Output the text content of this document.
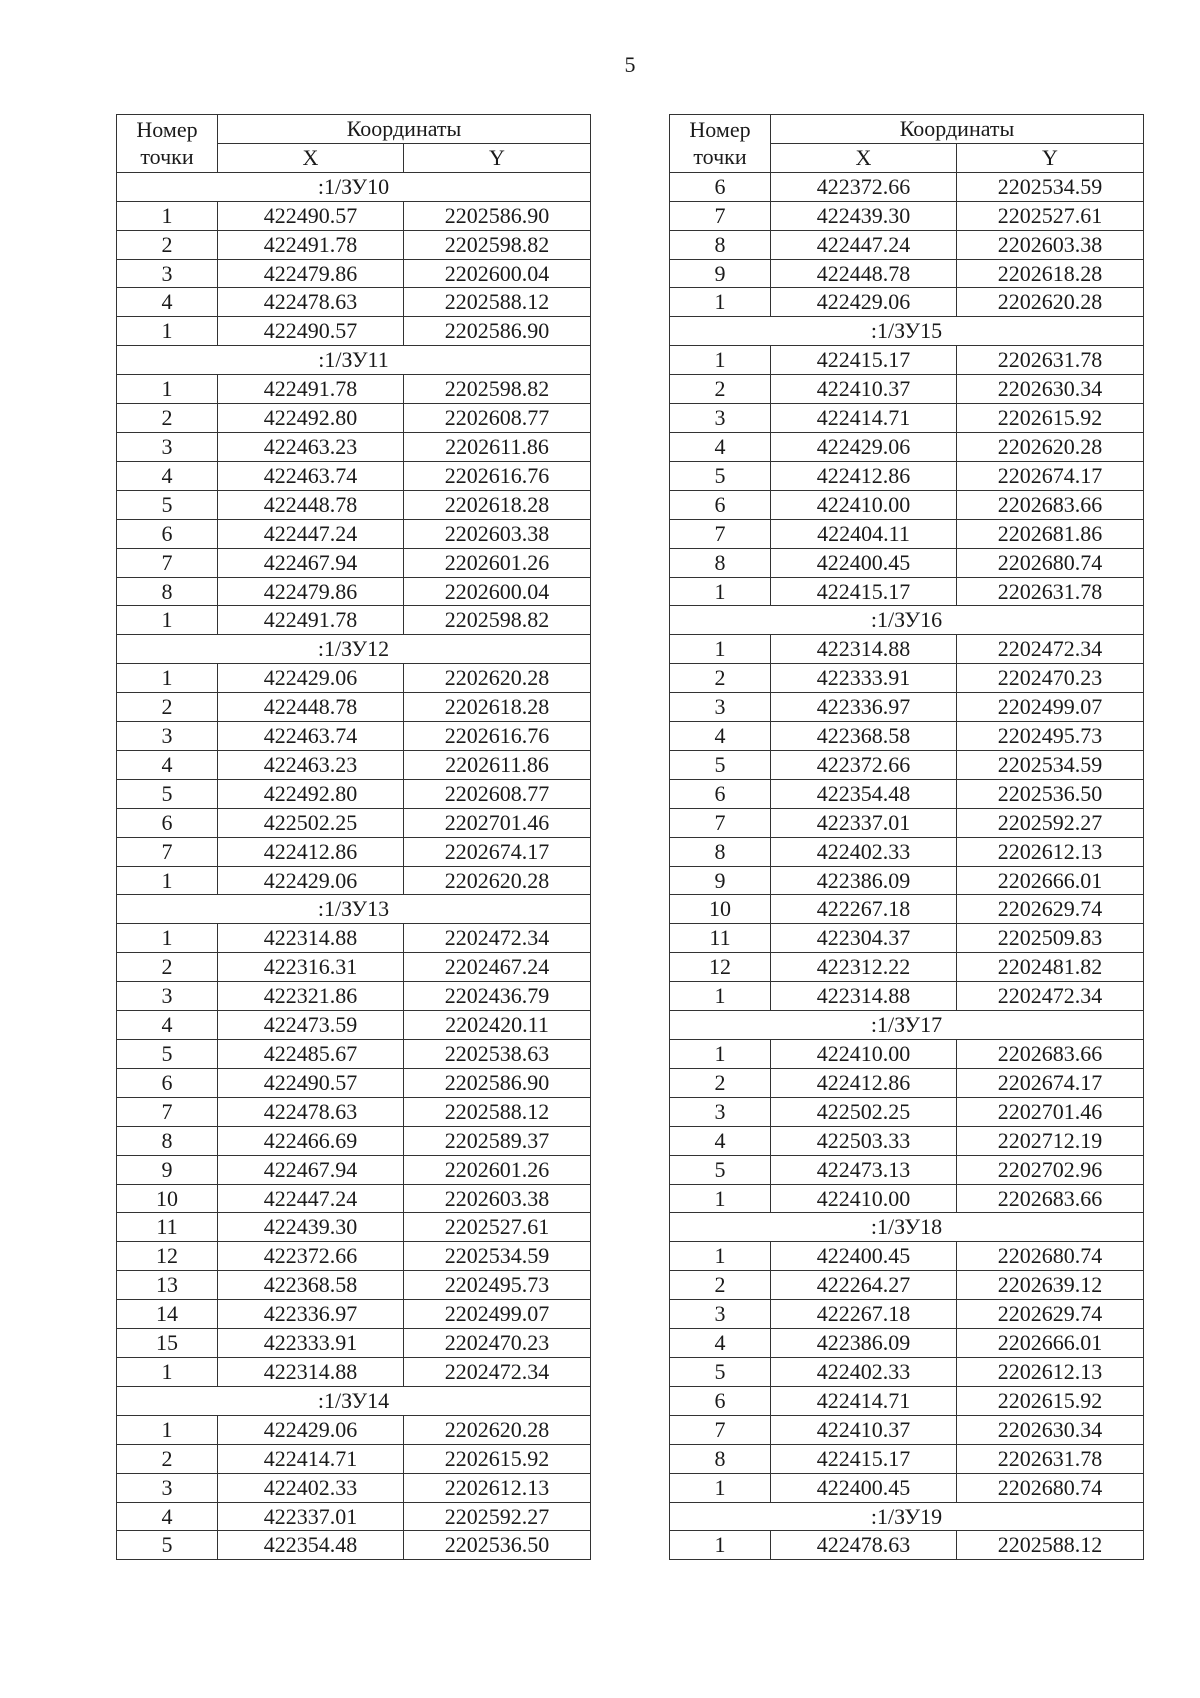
5
Номер
точки	Координаты	
	X	Y
:1/ЗУ10		
1	422490.57	2202586.90
2	422491.78	2202598.82
3	422479.86	2202600.04
4	422478.63	2202588.12
1	422490.57	2202586.90
:1/ЗУ11		
1	422491.78	2202598.82
2	422492.80	2202608.77
3	422463.23	2202611.86
4	422463.74	2202616.76
5	422448.78	2202618.28
6	422447.24	2202603.38
7	422467.94	2202601.26
8	422479.86	2202600.04
1	422491.78	2202598.82
:1/ЗУ12		
1	422429.06	2202620.28
2	422448.78	2202618.28
3	422463.74	2202616.76
4	422463.23	2202611.86
5	422492.80	2202608.77
6	422502.25	2202701.46
7	422412.86	2202674.17
1	422429.06	2202620.28
:1/ЗУ13		
1	422314.88	2202472.34
2	422316.31	2202467.24
3	422321.86	2202436.79
4	422473.59	2202420.11
5	422485.67	2202538.63
6	422490.57	2202586.90
7	422478.63	2202588.12
8	422466.69	2202589.37
9	422467.94	2202601.26
10	422447.24	2202603.38
11	422439.30	2202527.61
12	422372.66	2202534.59
13	422368.58	2202495.73
14	422336.97	2202499.07
15	422333.91	2202470.23
1	422314.88	2202472.34
:1/ЗУ14		
1	422429.06	2202620.28
2	422414.71	2202615.92
3	422402.33	2202612.13
4	422337.01	2202592.27
5	422354.48	2202536.50
Номер
точки	Координаты	
	X	Y
6	422372.66	2202534.59
7	422439.30	2202527.61
8	422447.24	2202603.38
9	422448.78	2202618.28
1	422429.06	2202620.28
:1/ЗУ15		
1	422415.17	2202631.78
2	422410.37	2202630.34
3	422414.71	2202615.92
4	422429.06	2202620.28
5	422412.86	2202674.17
6	422410.00	2202683.66
7	422404.11	2202681.86
8	422400.45	2202680.74
1	422415.17	2202631.78
:1/ЗУ16		
1	422314.88	2202472.34
2	422333.91	2202470.23
3	422336.97	2202499.07
4	422368.58	2202495.73
5	422372.66	2202534.59
6	422354.48	2202536.50
7	422337.01	2202592.27
8	422402.33	2202612.13
9	422386.09	2202666.01
10	422267.18	2202629.74
11	422304.37	2202509.83
12	422312.22	2202481.82
1	422314.88	2202472.34
:1/ЗУ17		
1	422410.00	2202683.66
2	422412.86	2202674.17
3	422502.25	2202701.46
4	422503.33	2202712.19
5	422473.13	2202702.96
1	422410.00	2202683.66
:1/ЗУ18		
1	422400.45	2202680.74
2	422264.27	2202639.12
3	422267.18	2202629.74
4	422386.09	2202666.01
5	422402.33	2202612.13
6	422414.71	2202615.92
7	422410.37	2202630.34
8	422415.17	2202631.78
1	422400.45	2202680.74
:1/ЗУ19		
1	422478.63	2202588.12
